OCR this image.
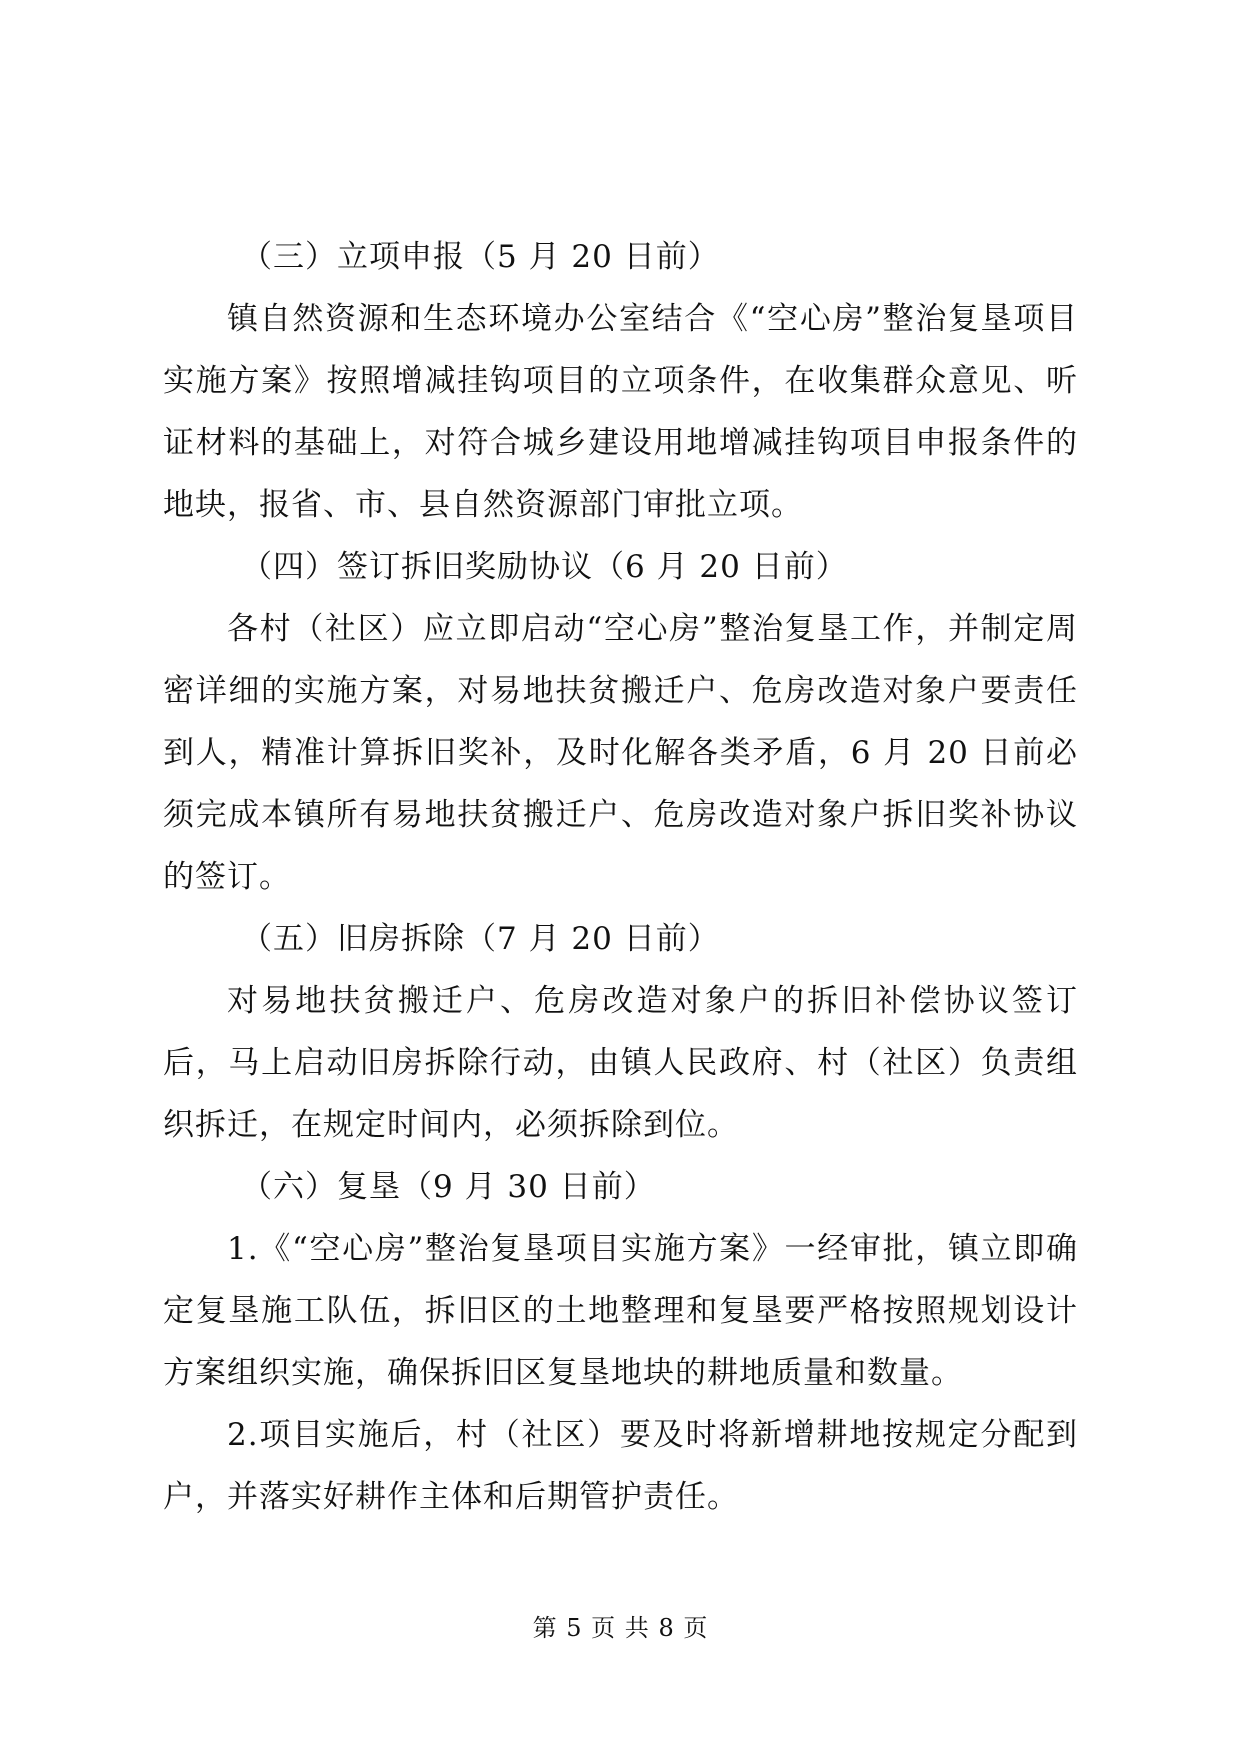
（三）立项申报（5 月 20 日前）

镇自然资源和生态环境办公室结合《“空心房”整治复垦项目实施方案》按照增减挂钩项目的立项条件，在收集群众意见、听证材料的基础上，对符合城乡建设用地增减挂钩项目申报条件的地块，报省、市、县自然资源部门审批立项。

（四）签订拆旧奖励协议（6 月 20 日前）

各村（社区）应立即启动“空心房”整治复垦工作，并制定周密详细的实施方案，对易地扶贫搬迁户、危房改造对象户要责任到人，精准计算拆旧奖补，及时化解各类矛盾，6 月 20 日前必须完成本镇所有易地扶贫搬迁户、危房改造对象户拆旧奖补协议的签订。

（五）旧房拆除（7 月 20 日前）

对易地扶贫搬迁户、危房改造对象户的拆旧补偿协议签订后，马上启动旧房拆除行动，由镇人民政府、村（社区）负责组织拆迁，在规定时间内，必须拆除到位。

（六）复垦（9 月 30 日前）

1.《“空心房”整治复垦项目实施方案》一经审批，镇立即确定复垦施工队伍，拆旧区的土地整理和复垦要严格按照规划设计方案组织实施，确保拆旧区复垦地块的耕地质量和数量。

2.项目实施后，村（社区）要及时将新增耕地按规定分配到户，并落实好耕作主体和后期管护责任。

第 5 页 共 8 页
